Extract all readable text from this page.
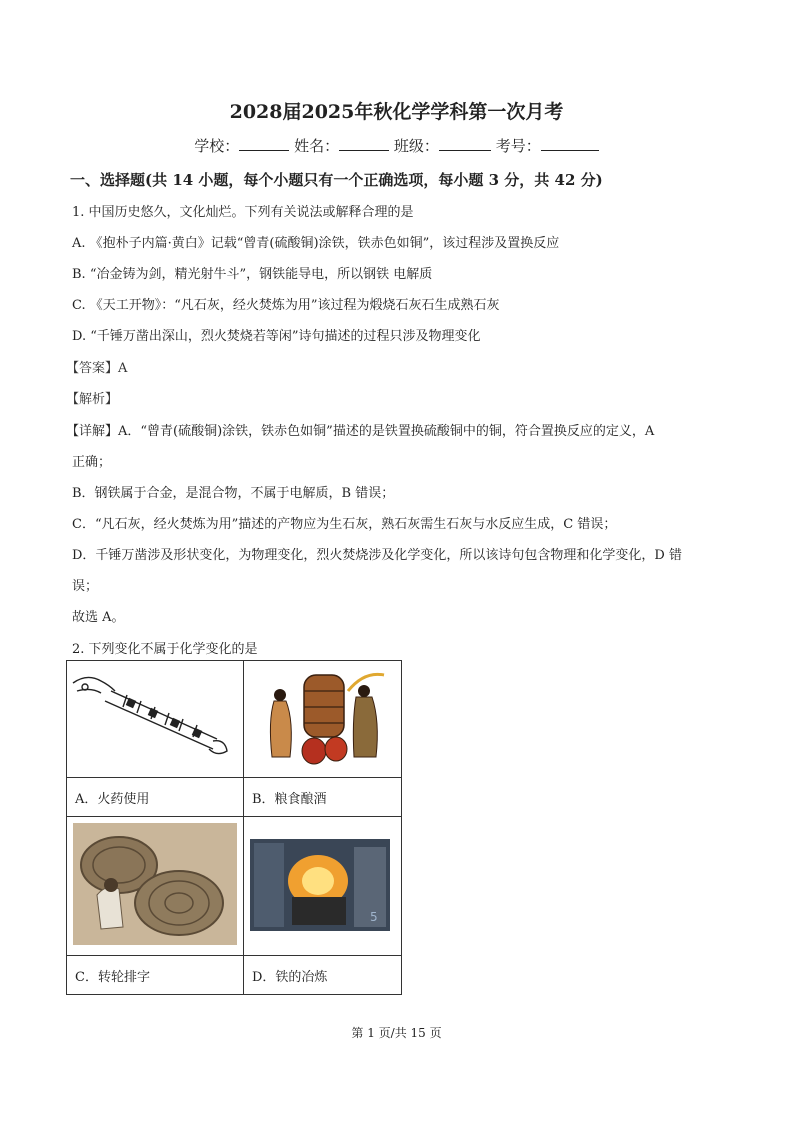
2028届2025年秋化学学科第一次月考
学校：	姓名：	班级：	考号：
一、选择题(共 14 小题，每个小题只有一个正确选项，每小题 3 分，共 42 分)
1. 中国历史悠久，文化灿烂。下列有关说法或解释合理的是
A. 《抱朴子内篇·黄白》记载“曾青(硫酸铜)涂铁，铁赤色如铜”，该过程涉及置换反应
B. “冶金铸为剑，精光射牛斗”，钢铁能导电，所以钢铁 电解质
C. 《天工开物》：“凡石灰，经火焚炼为用”该过程为煅烧石灰石生成熟石灰
D. “千锤万凿出深山，烈火焚烧若等闲”诗句描述的过程只涉及物理变化
【答案】A
【解析】
【详解】A．“曾青(硫酸铜)涂铁，铁赤色如铜”描述的是铁置换硫酸铜中的铜，符合置换反应的定义，A
正确；
B．钢铁属于合金，是混合物，不属于电解质，B 错误；
C．“凡石灰，经火焚炼为用”描述的产物应为生石灰，熟石灰需生石灰与水反应生成，C 错误；
D．千锤万凿涉及形状变化，为物理变化，烈火焚烧涉及化学变化，所以该诗句包含物理和化学变化，D 错
误；
故选 A。
2. 下列变化不属于化学变化的是

A．火药使用	B．粮食酿酒

5

C．转轮排字	D．铁的冶炼
第 1 页/共 15 页
